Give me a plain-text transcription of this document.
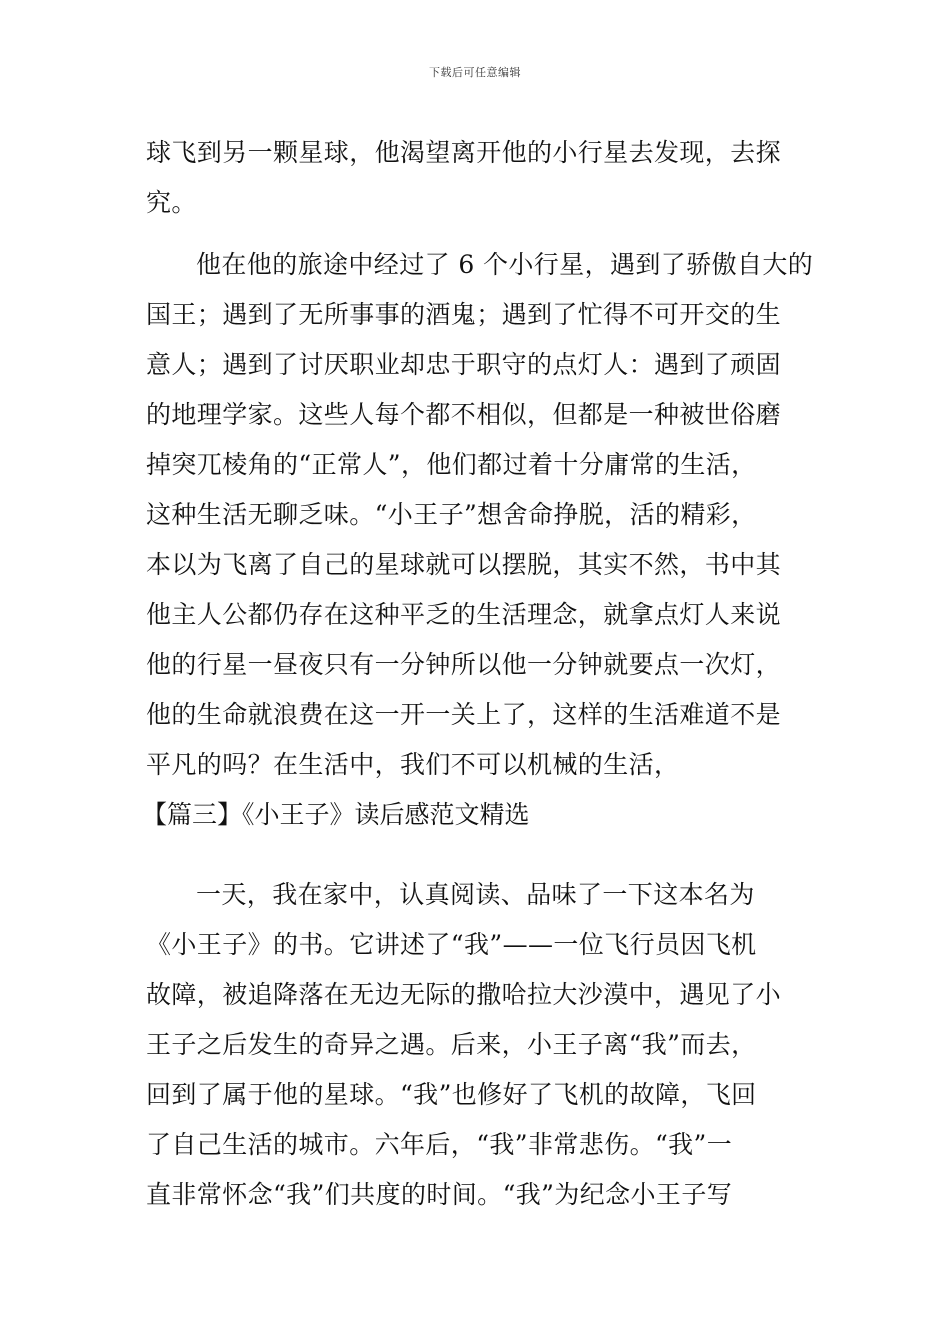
下载后可任意编辑
球飞到另一颗星球，他渴望离开他的小行星去发现，去探
究。
他在他的旅途中经过了 6 个小行星，遇到了骄傲自大的
国王；遇到了无所事事的酒鬼；遇到了忙得不可开交的生
意人；遇到了讨厌职业却忠于职守的点灯人：遇到了顽固
的地理学家。这些人每个都不相似，但都是一种被世俗磨
掉突兀棱角的“正常人”，他们都过着十分庸常的生活，
这种生活无聊乏味。“小王子”想舍命挣脱，活的精彩，
本以为飞离了自己的星球就可以摆脱，其实不然，书中其
他主人公都仍存在这种平乏的生活理念，就拿点灯人来说
他的行星一昼夜只有一分钟所以他一分钟就要点一次灯，
他的生命就浪费在这一开一关上了，这样的生活难道不是
平凡的吗？在生活中，我们不可以机械的生活，
【篇三】《小王子》读后感范文精选
一天，我在家中，认真阅读、品味了一下这本名为
《小王子》的书。它讲述了“我”——一位飞行员因飞机
故障，被追降落在无边无际的撒哈拉大沙漠中，遇见了小
王子之后发生的奇异之遇。后来，小王子离“我”而去，
回到了属于他的星球。“我”也修好了飞机的故障，飞回
了自己生活的城市。六年后，“我”非常悲伤。“我”一
直非常怀念“我”们共度的时间。“我”为纪念小王子写
